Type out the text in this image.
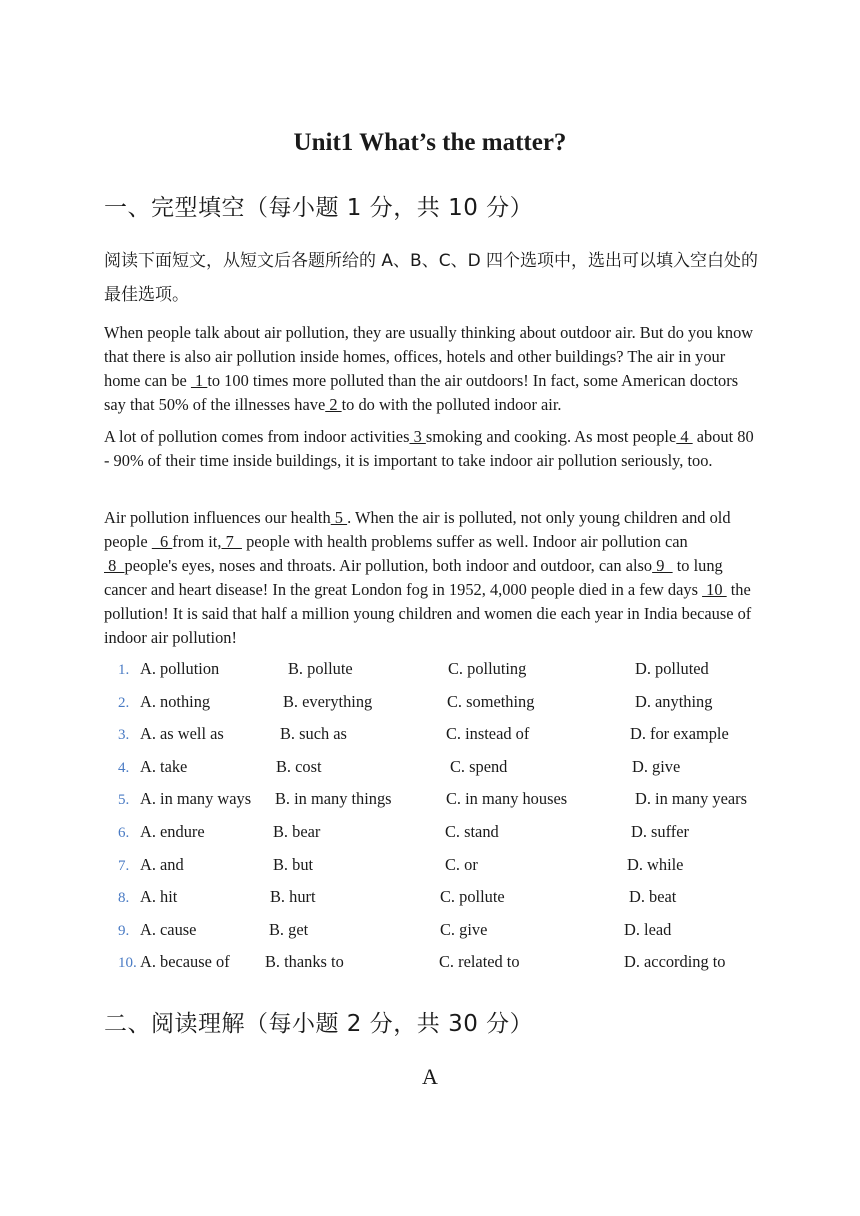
Unit1 What’s the matter?
一、完型填空（每小题 1 分，共 10 分）
阅读下面短文，从短文后各题所给的 A、B、C、D 四个选项中，选出可以填入空白处的最佳选项。
When people talk about air pollution, they are usually thinking about outdoor air. But do you know that there is also air pollution inside homes, offices, hotels and other buildings? The air in your home can be  1 to 100 times more polluted than the air outdoors! In fact, some American doctors say that 50% of the illnesses have 2 to do with the polluted indoor air.
A lot of pollution comes from indoor activities 3 smoking and cooking. As most people 4  about 80 - 90% of their time inside buildings, it is important to take indoor air pollution seriously, too.
Air pollution influences our health 5 . When the air is polluted, not only young children and old people   6 from it, 7   people with health problems suffer as well. Indoor air pollution can 8  people's eyes, noses and throats. Air pollution, both indoor and outdoor, can also 9   to lung cancer and heart disease! In the great London fog in 1952, 4,000 people died in a few days  10  the pollution! It is said that half a million young children and women die each year in India because of indoor air pollution!
1. A. pollution	B. pollute	C. polluting	D. polluted
2. A. nothing	B. everything	C. something	D. anything
3. A. as well as	B. such as	C. instead of	D. for example
4. A. take	B. cost	C. spend	D. give
5. A. in many ways B. in many things	C. in many houses	D. in many years
6. A. endure	B. bear	C. stand	D. suffer
7. A. and	B. but	C. or	D. while
8. A. hit	B. hurt	C. pollute	D. beat
9. A. cause	B. get	C. give	D. lead
10. A. because of B. thanks to	C. related to	D. according to
二、阅读理解（每小题 2 分，共 30 分）
A
